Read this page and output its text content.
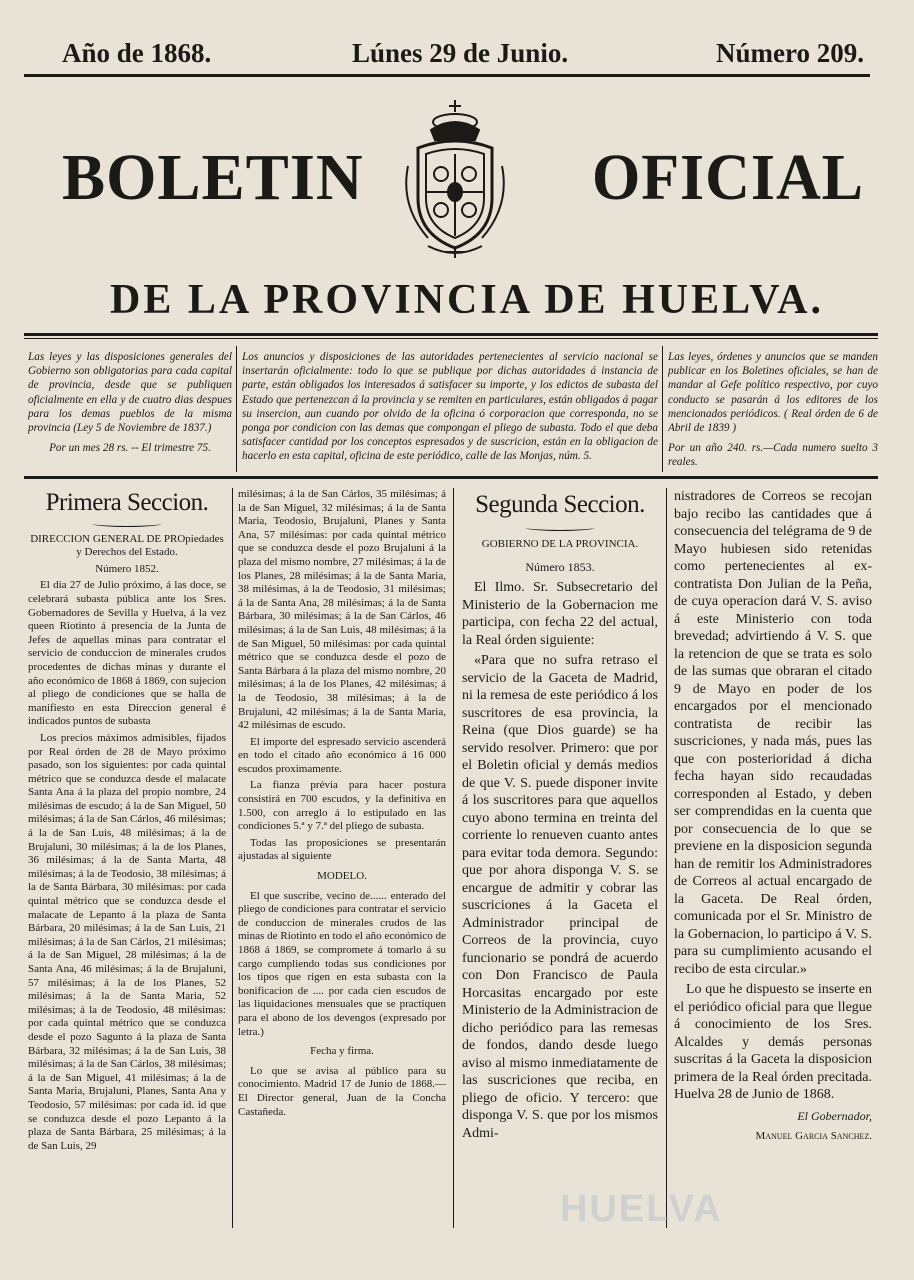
Año de 1868.	Lúnes 29 de Junio.	Número 209.
BOLETIN	OFICIAL
DE LA PROVINCIA DE HUELVA.

Las leyes y las disposiciones generales del Gobierno son obligatorias para cada capital de provincia, desde que se publiquen oficialmente en ella y de cuatro dias despues para los demas pueblos de la misma provincia (Ley 5 de Noviembre de 1837.)

Por un mes 28 rs. -- El trimestre 75.

Los anuncios y disposiciones de las autoridades pertenecientes al servicio nacional se insertarán oficialmente: todo lo que se publique por dichas autoridades á instancia de parte, están obligados los interesados á satisfacer su importe, y los edictos de subasta del Estado que pertenezcan á la provincia y se remiten en particulares, están obligados á pagar su insercion, aun cuando por olvido de la oficina ó corporacion que corresponda, no se ponga por condicion con las demas que compongan el pliego de subasta. Todo el que deba satisfacer cantidad por los conceptos espresados y de suscricion, están en la obligacion de hacerlo en esta capital, oficina de este periódico, calle de las Monjas, núm. 5.

Las leyes, órdenes y anuncios que se manden publicar en los Boletines oficiales, se han de mandar al Gefe político respectivo, por cuyo conducto se pasarán á los editores de los mencionados periódicos. ( Real órden de 6 de Abril de 1839 )

Por un año 240. rs.—Cada numero suelto 3 reales.

Primera Seccion.

DIRECCION GENERAL DE PROpiedades y Derechos del Estado.

Número 1852.

El dia 27 de Julio próximo, á las doce, se celebrará subasta pública ante los Sres. Gobernadores de Sevilla y Huelva, á la vez queen Riotinto á presencia de la Junta de Jefes de aquellas minas para contratar el servicio de conduccion de minerales crudos procedentes de dichas minas y durante el año económico de 1868 á 1869, con sujecion al pliego de condiciones que se halla de manifiesto en esta Direccion general é indicados puntos de subasta

Los precios máximos admisibles, fijados por Real órden de 28 de Mayo próximo pasado, son los siguientes: por cada quintal métrico que se conduzca desde el malacate Santa Ana á la plaza del propio nombre, 24 milésimas de escudo; á la de San Miguel, 50 milésimas; á la de San Cárlos, 46 milésimas; á la de San Luis, 48 milésimas; á la de Brujaluni, 30 milésimas; á la de los Planes, 36 milésimas; á la de Santa Marta, 48 milésimas; á la de Teodosio, 38 milésimas; á la de Santa Bárbara, 30 milésimas: por cada quintal métrico que se conduzca desde el malacate de Lepanto á la plaza de Santa Bárbara, 20 milésimas; á la de San Luis, 21 milésimas; á la de San Cárlos, 21 milésimas; á la de San Miguel, 28 milésimas; á la de Santa Ana, 46 milésimas; á la de Brujaluni, 57 milésimas; á la de los Planes, 52 milésimas; á la de Santa Maria, 52 milésimas; á la de Teodosio, 48 milésimas: por cada quintal métrico que se conduzca desde el pozo Sagunto á la plaza de Santa Bárbara, 32 milésimas; á la de San Luis, 38 milésimas; á la de San Cárlos, 38 milésimas; á la de San Miguel, 41 milésimas; á la de Santa Maria, Brujaluni, Planes, Santa Ana y Teodosio, 57 milésimas: por cada id. id que se conduzca desde el pozo Lepanto á la plaza de Santa Bárbara, 25 milésimas; á la de San Luis, 29

milésimas; á la de San Cárlos, 35 milésimas; á la de San Miguel, 32 milésimas; á la de Santa Maria, Teodosio, Brujaluni, Planes y Santa Ana, 57 milésimas: por cada quintal métrico que se conduzca desde el pozo Brujaluni á la plaza del mismo nombre, 27 milésimas; á la de los Planes, 28 milésimas; á la de Santa Maria, 38 milésimas, á la de Teodosio, 31 milésimas; á la de Santa Ana, 28 milésimas; á la de Santa Bárbara, 30 milésimas; á la de San Cárlos, 46 milésimas; á la de San Luis, 48 milésimas; á la de San Miguel, 50 milésimas: por cada quintal métrico que se conduzca desde el pozo de Santa Bárbara á la plaza del mismo nombre, 20 milésimas; á la de los Planes, 42 milésimas; á la de Teodosio, 38 milésimas; á la de Brujaluni, 42 milésimas; á la de Santa Maria, 42 milésimas de escudo.

El importe del espresado servicio ascenderá en todo el citado año económico á 16 000 escudos proximamente.

La fianza prévia para hacer postura consistirá en 700 escudos, y la definitiva en 1.500, con arreglo á lo estipulado en las condiciones 5.ª y 7.ª del pliego de subasta.

Todas las proposiciones se presentarán ajustadas al siguiente

MODELO.

El que suscribe, vecino de...... enterado del pliego de condiciones para contratar el servicio de conduccion de minerales crudos de las minas de Riotinto en todo el año económico de 1868 á 1869, se compromete á tomarlo á su cargo cumpliendo todas sus condiciones por los tipos que rigen en esta subasta con la bonificacion de .... por cada cien escudos de las liquidaciones mensuales que se practiquen para el abono de los devengos (expresado por letra.)

Fecha y firma.

Lo que se avisa al público para su conocimiento. Madrid 17 de Junio de 1868.—El Director general, Juan de la Concha Castañeda.

Segunda Seccion.

GOBIERNO DE LA PROVINCIA.

Número 1853.

El Ilmo. Sr. Subsecretario del Ministerio de la Gobernacion me participa, con fecha 22 del actual, la Real órden siguiente:

«Para que no sufra retraso el servicio de la Gaceta de Madrid, ni la remesa de este periódico á los suscritores de esa provincia, la Reina (que Dios guarde) se ha servido resolver. Primero: que por el Boletin oficial y demás medios de que V. S. puede disponer invite á los suscritores para que aquellos cuyo abono termina en treinta del corriente lo renueven cuanto antes para evitar toda demora. Segundo: que por ahora disponga V. S. se encargue de admitir y cobrar las suscriciones á la Gaceta el Administrador principal de Correos de la provincia, cuyo funcionario se pondrá de acuerdo con Don Francisco de Paula Horcasitas encargado por este Ministerio de la Administracion de dicho periódico para las remesas de fondos, dando desde luego aviso al mismo inmediatamente de las suscriciones que reciba, en pliego de oficio. Y tercero: que disponga V. S. que por los mismos Admi-

nistradores de Correos se recojan bajo recibo las cantidades que á consecuencia del telégrama de 9 de Mayo hubiesen sido retenidas como pertenecientes al ex-contratista Don Julian de la Peña, de cuya operacion dará V. S. aviso á este Ministerio con toda brevedad; advirtiendo á V. S. que la retencion de que se trata es solo de las sumas que obraran el citado 9 de Mayo en poder de los encargados por el mencionado contratista de recibir las suscriciones, y nada más, pues las que con posterioridad á dicha fecha hayan sido recaudadas corresponden al Estado, y deben ser comprendidas en la cuenta que por consecuencia de lo que se previene en la disposicion segunda han de remitir los Administradores de Correos al actual encargado de la Gaceta. De Real órden, comunicada por el Sr. Ministro de la Gobernacion, lo participo á V. S. para su cumplimiento acusando el recibo de esta circular.»

Lo que he dispuesto se inserte en el periódico oficial para que llegue á conocimiento de los Sres. Alcaldes y demás personas suscritas á la Gaceta la disposicion primera de la Real órden precitada. Huelva 28 de Junio de 1868.

El Gobernador,

Manuel Garcia Sanchez.

HUELVA
